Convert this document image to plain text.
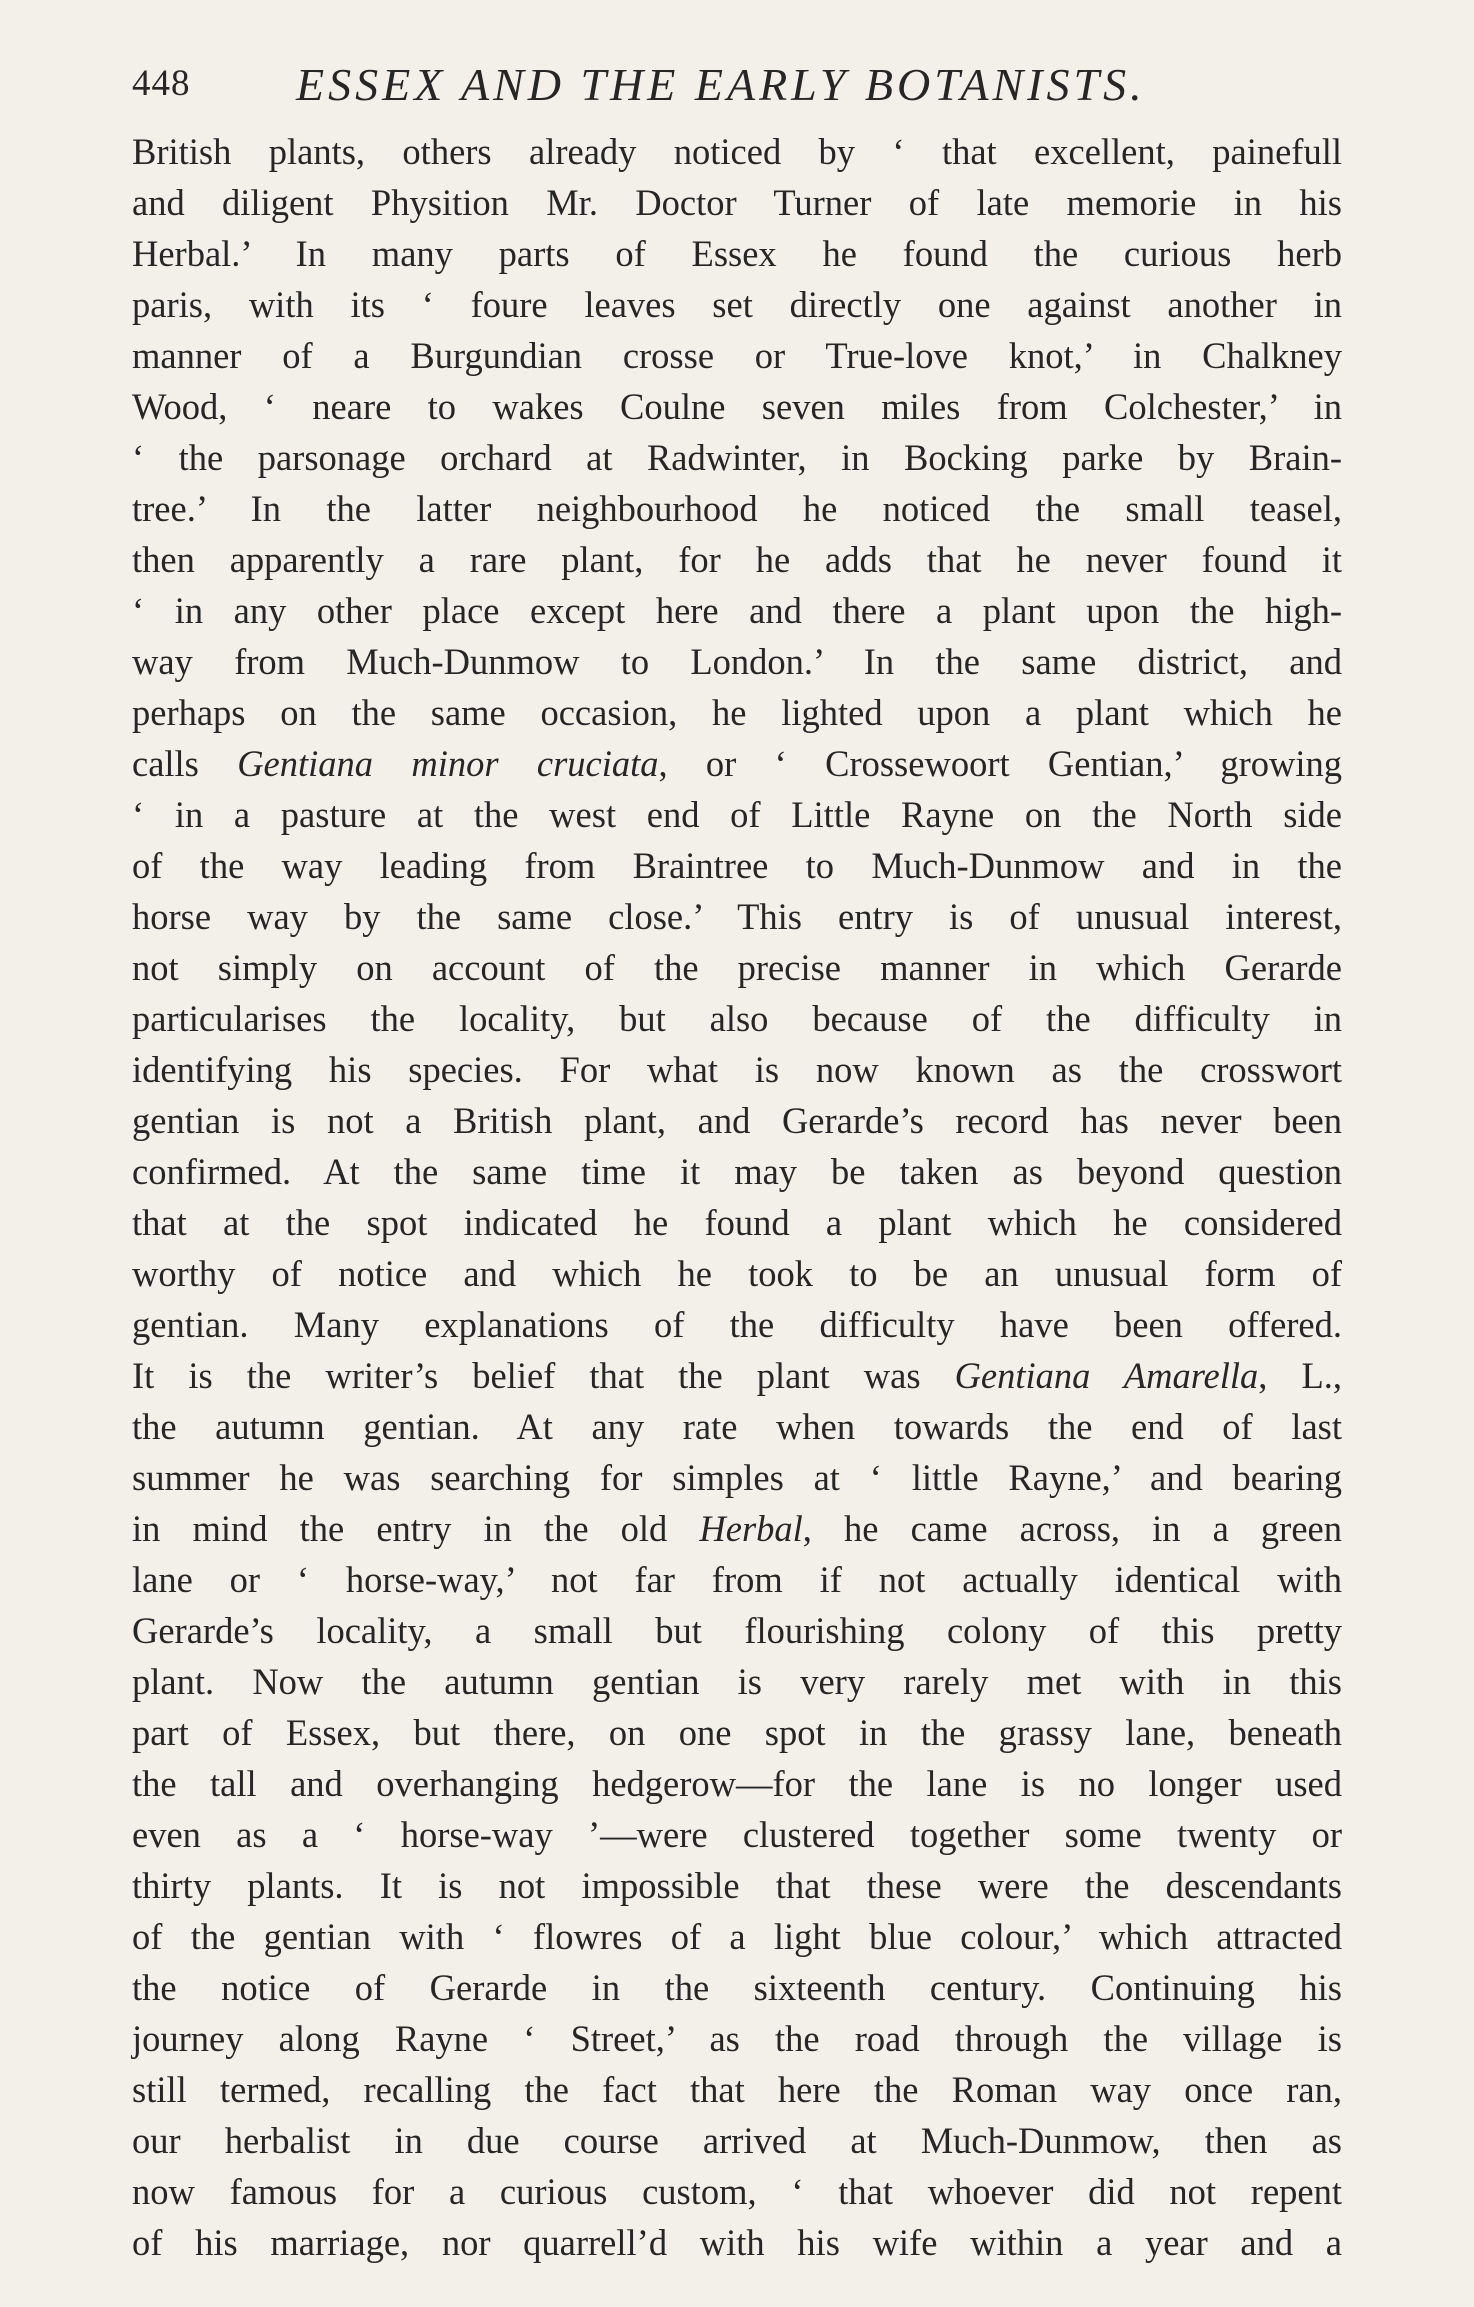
448 ESSEX AND THE EARLY BOTANISTS.
British plants, others already noticed by ‘ that excellent, painefull
and diligent Physition Mr. Doctor Turner of late memorie in his
Herbal.’ In many parts of Essex he found the curious herb
paris, with its ‘ foure leaves set directly one against another in
manner of a Burgundian crosse or True-love knot,’ in Chalkney
Wood, ‘ neare to wakes Coulne seven miles from Colchester,’ in
‘ the parsonage orchard at Radwinter, in Bocking parke by Brain-
tree.’ In the latter neighbourhood he noticed the small teasel,
then apparently a rare plant, for he adds that he never found it
‘ in any other place except here and there a plant upon the high-
way from Much-Dunmow to London.’ In the same district, and
perhaps on the same occasion, he lighted upon a plant which he
calls Gentiana minor cruciata, or ‘ Crossewoort Gentian,’ growing
‘ in a pasture at the west end of Little Rayne on the North side
of the way leading from Braintree to Much-Dunmow and in the
horse way by the same close.’ This entry is of unusual interest,
not simply on account of the precise manner in which Gerarde
particularises the locality, but also because of the difficulty in
identifying his species. For what is now known as the crosswort
gentian is not a British plant, and Gerarde’s record has never been
confirmed. At the same time it may be taken as beyond question
that at the spot indicated he found a plant which he considered
worthy of notice and which he took to be an unusual form of
gentian. Many explanations of the difficulty have been offered.
It is the writer’s belief that the plant was Gentiana Amarella, L.,
the autumn gentian. At any rate when towards the end of last
summer he was searching for simples at ‘ little Rayne,’ and bearing
in mind the entry in the old Herbal, he came across, in a green
lane or ‘ horse-way,’ not far from if not actually identical with
Gerarde’s locality, a small but flourishing colony of this pretty
plant. Now the autumn gentian is very rarely met with in this
part of Essex, but there, on one spot in the grassy lane, beneath
the tall and overhanging hedgerow—for the lane is no longer used
even as a ‘ horse-way ’—were clustered together some twenty or
thirty plants. It is not impossible that these were the descendants
of the gentian with ‘ flowres of a light blue colour,’ which attracted
the notice of Gerarde in the sixteenth century. Continuing his
journey along Rayne ‘ Street,’ as the road through the village is
still termed, recalling the fact that here the Roman way once ran,
our herbalist in due course arrived at Much-Dunmow, then as
now famous for a curious custom, ‘ that whoever did not repent
of his marriage, nor quarrell’d with his wife within a year and a
